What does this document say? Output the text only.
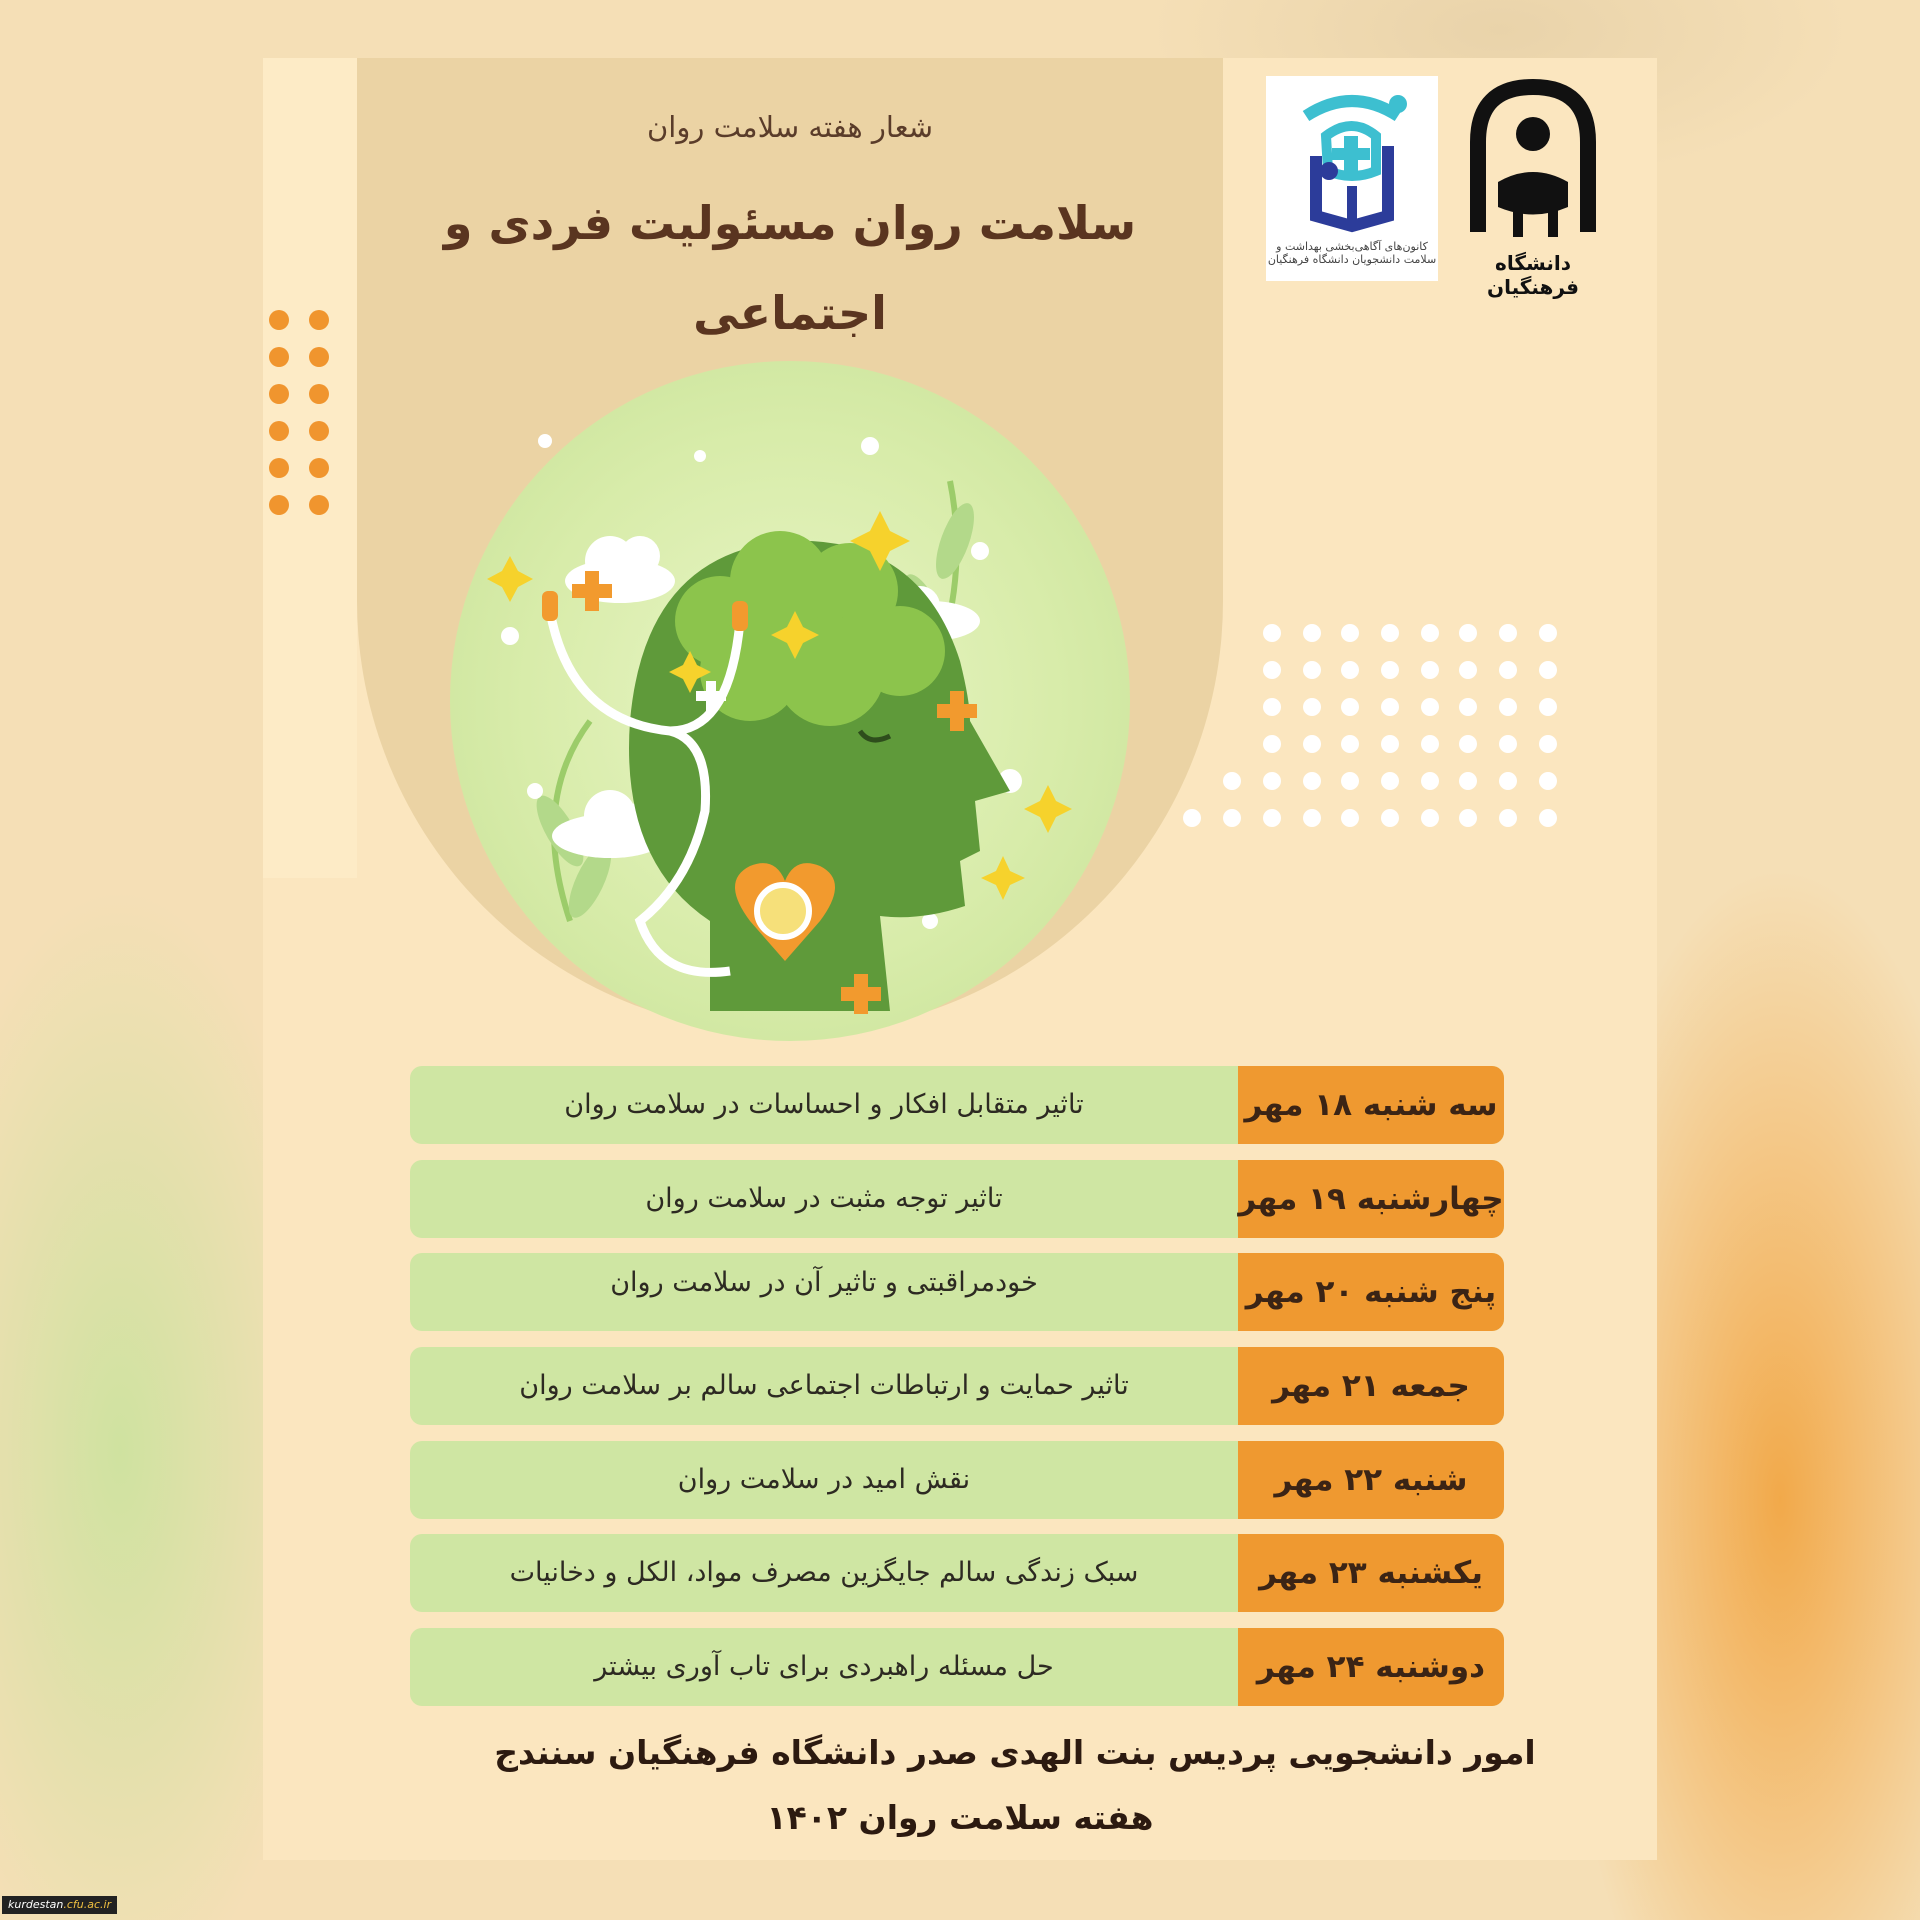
شعار هفته سلامت روان
سلامت روان مسئولیت فردی و اجتماعی
کانون‌های آگاهی‌بخشی بهداشت و سلامت دانشجویان دانشگاه فرهنگیان	دانشگاه فرهنگیان
سه شنبه ۱۸ مهر
تاثیر متقابل افکار و احساسات در سلامت روان
چهارشنبه ۱۹ مهر
تاثیر توجه مثبت در سلامت روان
پنج شنبه ۲۰ مهر
خودمراقبتی و تاثیر آن در سلامت روان
جمعه ۲۱ مهر
تاثیر حمایت و ارتباطات اجتماعی سالم بر سلامت روان
شنبه ۲۲ مهر
نقش امید در سلامت روان
یکشنبه ۲۳ مهر
سبک زندگی سالم جایگزین مصرف مواد، الکل و دخانیات
دوشنبه ۲۴ مهر
حل مسئله راهبردی برای تاب آوری بیشتر
امور دانشجویی پردیس بنت الهدی صدر دانشگاه فرهنگیان سنندج
هفته سلامت روان ۱۴۰۲
kurdestan.cfu.ac.ir
